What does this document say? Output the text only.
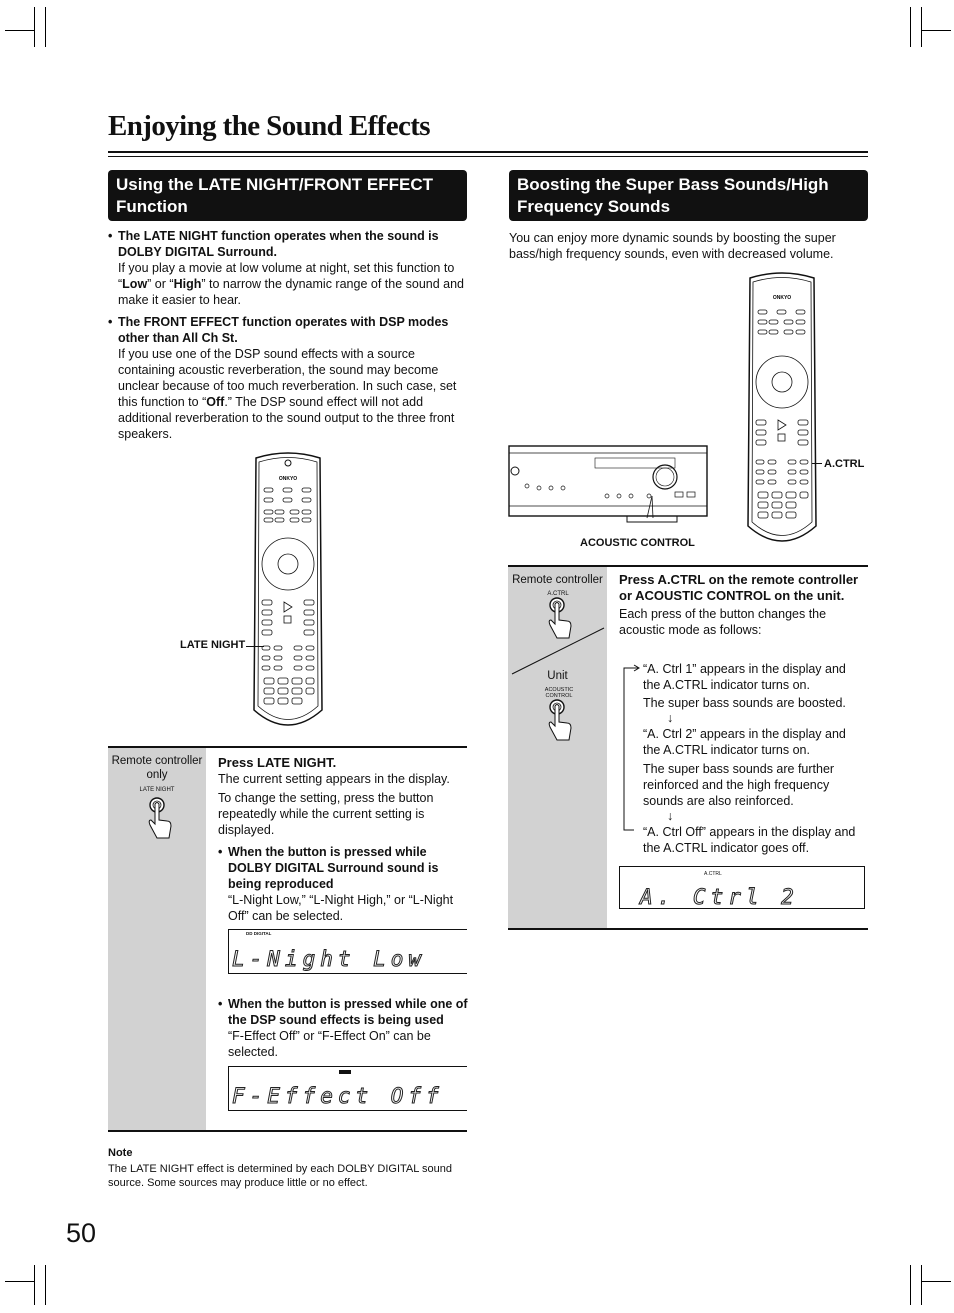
Enjoying the Sound Effects
Using the LATE NIGHT/FRONT EFFECT
Function
• The LATE NIGHT function operates when the sound is DOLBY DIGITAL Surround.
If you play a movie at low volume at night, set this function to “Low” or “High” to narrow the dynamic range of the sound and make it easier to hear.
• The FRONT EFFECT function operates with DSP modes other than All Ch St.
If you use one of the DSP sound effects with a source containing acoustic reverberation, the sound may become unclear because of too much reverberation. In such case, set this function to “Off.” The DSP sound effect will not add additional reverberation to the sound output to the three front speakers.
ONKYO
LATE NIGHT
Remote controller only
LATE NIGHT
Press LATE NIGHT.
The current setting appears in the display.
To change the setting, press the button repeatedly while the current setting is displayed.
• When the button is pressed while DOLBY DIGITAL Surround sound is being reproduced
“L-Night Low,” “L-Night High,” or “L-Night Off” can be selected.
DD DIGITAL
L-Night Low
• When the button is pressed while one of the DSP sound effects is being used
“F-Effect Off” or “F-Effect On” can be selected.
F-Effect Off
Note
The LATE NIGHT effect is determined by each DOLBY DIGITAL sound source. Some sources may produce little or no effect.
50
Boosting the Super Bass Sounds/High
Frequency Sounds
You can enjoy more dynamic sounds by boosting the super bass/high frequency sounds, even with decreased volume.
ACOUSTIC CONTROL
ONKYO
A.CTRL
Remote controller
A.CTRL
Unit
ACOUSTIC CONTROL
Press A.CTRL on the remote controller or ACOUSTIC CONTROL on the unit.
Each press of the button changes the acoustic mode as follows:
“A. Ctrl 1” appears in the display and the A.CTRL indicator turns on.
The super bass sounds are boosted.
↓
“A. Ctrl 2” appears in the display and the A.CTRL indicator turns on.
The super bass sounds are further reinforced and the high frequency sounds are also reinforced.
↓
“A. Ctrl Off” appears in the display and the A.CTRL indicator goes off.
A.CTRL
A. Ctrl 2
